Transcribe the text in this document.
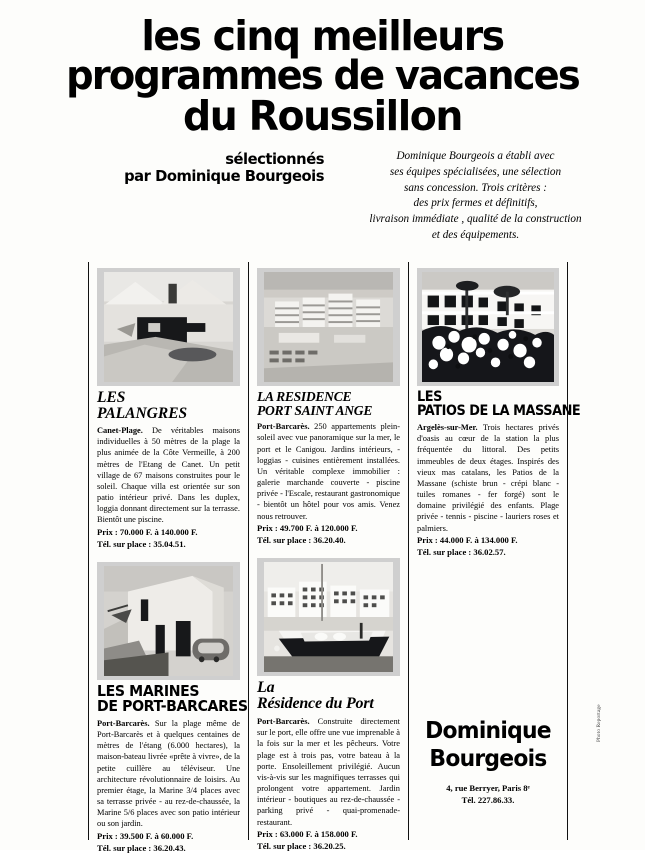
les cinq meilleurs
programmes de vacances
du Roussillon
sélectionnés
par Dominique Bourgeois
Dominique Bourgeois a établi avec
ses équipes spécialisées, une sélection
sans concession. Trois critères :
des prix fermes et définitifs,
livraison immédiate , qualité de la construction
et des équipements.
LES
PALANGRES

Canet-Plage. De véritables maisons individuelles à 50 mètres de la plage la plus animée de la Côte Vermeille, à 200 mètres de l'Etang de Canet. Un petit village de 67 maisons construites pour le soleil. Chaque villa est orientée sur son patio intérieur privé. Dans les duplex, loggia donnant directement sur la terrasse. Bientôt une piscine.

Prix : 70.000 F. à 140.000 F.
Tél. sur place : 35.04.51.
LES MARINES
DE PORT-BARCARES

Port-Barcarès. Sur la plage même de Port-Barcarès et à quelques centaines de mètres de l'étang (6.000 hectares), la maison-bateau livrée «prête à vivre», de la petite cuillère au téléviseur. Une architecture révolutionnaire de loisirs. Au premier étage, la Marine 3/4 places avec sa terrasse privée - au rez-de-chaussée, la Marine 5/6 places avec son patio intérieur ou son jardin.

Prix : 39.500 F. à 60.000 F.
Tél. sur place : 36.20.43.
LA RESIDENCE
PORT SAINT ANGE

Port-Barcarès. 250 appartements plein-soleil avec vue panoramique sur la mer, le port et le Canigou. Jardins intérieurs, - loggias - cuisines entièrement installées. Un véritable complexe immobilier : galerie marchande couverte - piscine privée - l'Escale, restaurant gastronomique - bientôt un hôtel pour vos amis. Venez nous retrouver.

Prix : 49.700 F. à 120.000 F.
Tél. sur place : 36.20.40.
La
Résidence du Port

Port-Barcarès. Construite directement sur le port, elle offre une vue imprenable à la fois sur la mer et les pêcheurs. Votre plage est à trois pas, votre bateau à la porte. Ensoleillement privilégié. Aucun vis-à-vis sur les magnifiques terrasses qui prolongent votre appartement. Jardin intérieur - boutiques au rez-de-chaussée - parking privé - quai-promenade-restaurant.

Prix : 63.000 F. à 158.000 F.
Tél. sur place : 36.20.25.
LES
PATIOS DE LA MASSANE

Argelès-sur-Mer. Trois hectares privés d'oasis au cœur de la station la plus fréquentée du littoral. Des petits immeubles de deux étages. Inspirés des vieux mas catalans, les Patios de la Massane (schiste brun - crépi blanc - tuiles romanes - fer forgé) sont le domaine privilégié des enfants. Plage privée - tennis - piscine - lauriers roses et palmiers.

Prix : 44.000 F. à 134.000 F.
Tél. sur place : 36.02.57.
Dominique
Bourgeois
4, rue Berryer, Paris 8ᵉ
Tél. 227.86.33.
Photo Reportage
